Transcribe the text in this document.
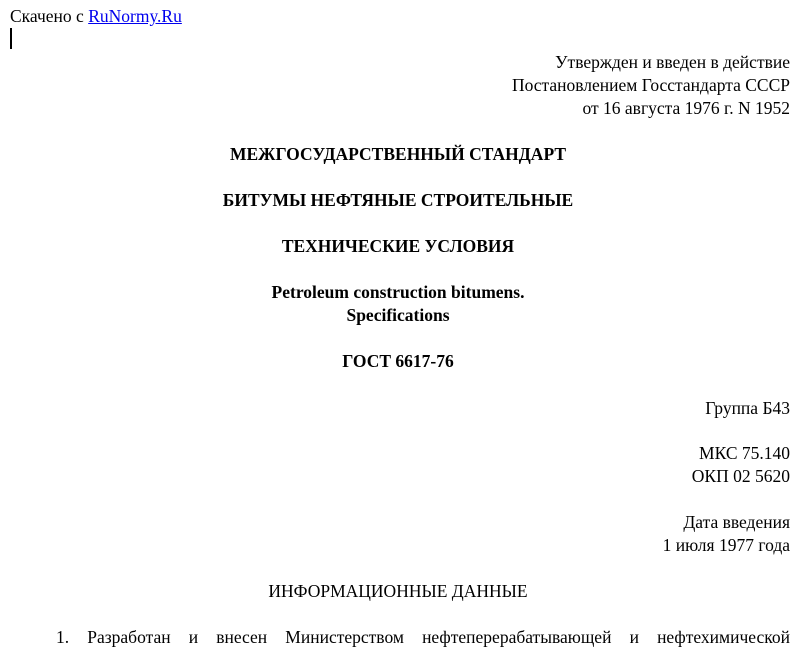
Скачено с RuNormy.Ru
Утвержден и введен в действие
Постановлением Госстандарта СССР
от 16 августа 1976 г. N 1952
МЕЖГОСУДАРСТВЕННЫЙ СТАНДАРТ
БИТУМЫ НЕФТЯНЫЕ СТРОИТЕЛЬНЫЕ
ТЕХНИЧЕСКИЕ УСЛОВИЯ
Petroleum construction bitumens.
Specifications
ГОСТ 6617-76
Группа Б43
МКС 75.140
ОКП 02 5620
Дата введения
1 июля 1977 года
ИНФОРМАЦИОННЫЕ ДАННЫЕ
1. Разработан и внесен Министерством нефтеперерабатывающей и нефтехимической
